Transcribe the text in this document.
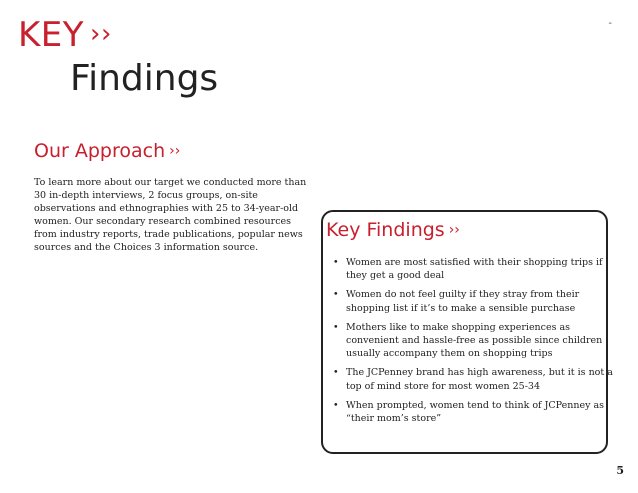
KEY ››
Findings
-
Our Approach ››
To learn more about our target we conducted more than 30 in-depth interviews, 2 focus groups, on-site observations and ethnographies with 25 to 34-year-old women. Our secondary research combined resources from industry reports, trade publications, popular news sources and the Choices 3 information source.
Key Findings ››
• Women are most satisfied with their shopping trips if they get a good deal
• Women do not feel guilty if they stray from their shopping list if it’s to make a sensible purchase
• Mothers like to make shopping experiences as convenient and hassle-free as possible since children usually accompany them on shopping trips
• The JCPenney brand has high awareness, but it is not a top of mind store for most women 25-34
• When prompted, women tend to think of JCPenney as “their mom’s store”
5
